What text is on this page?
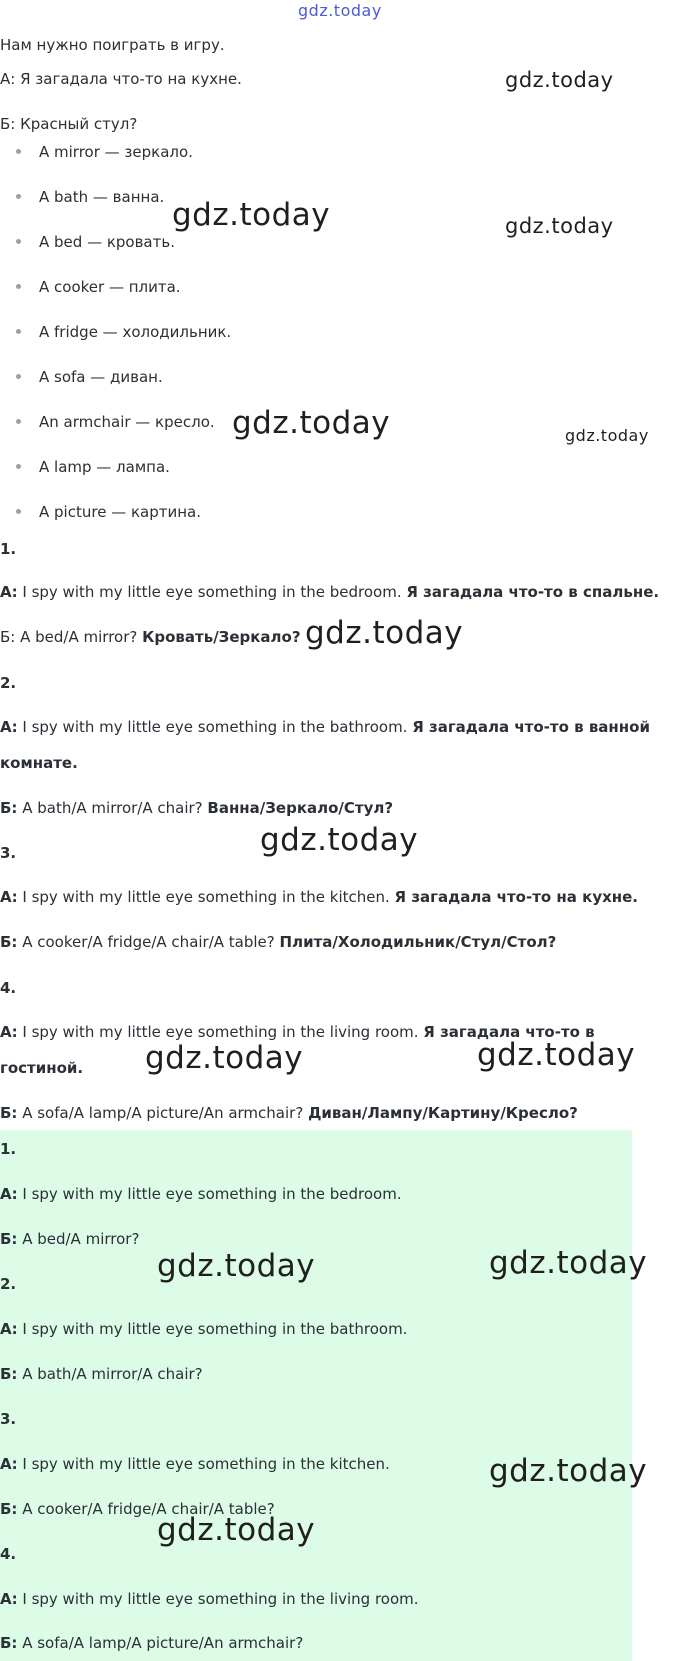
gdz.today
Нам нужно поиграть в игру.
А: Я загадала что-то на кухне.
Б: Красный стул?
A mirror — зеркало.
A bath — ванна.
A bed — кровать.
A cooker — плита.
A fridge — холодильник.
A sofa — диван.
An armchair — кресло.
A lamp — лампа.
A picture — картина.
1.
А: I spy with my little eye something in the bedroom. Я загадала что-то в спальне.
Б: A bed/A mirror? Кровать/Зеркало?
2.
А: I spy with my little eye something in the bathroom. Я загадала что-то в ванной
комнате.
Б: A bath/A mirror/A chair? Ванна/Зеркало/Стул?
3.
А: I spy with my little eye something in the kitchen. Я загадала что-то на кухне.
Б: A cooker/A fridge/A chair/A table? Плита/Холодильник/Стул/Стол?
4.
А: I spy with my little eye something in the living room. Я загадала что-то в
гостиной.
Б: A sofa/A lamp/A picture/An armchair? Диван/Лампу/Картину/Кресло?
1.
А: I spy with my little eye something in the bedroom.
Б: A bed/A mirror?
2.
А: I spy with my little eye something in the bathroom.
Б: A bath/A mirror/A chair?
3.
А: I spy with my little eye something in the kitchen.
Б: A cooker/A fridge/A chair/A table?
4.
А: I spy with my little eye something in the living room.
Б: A sofa/A lamp/A picture/An armchair?
gdz.today
gdz.today	gdz.today
gdz.today	gdz.today
gdz.today
gdz.today
gdz.today	gdz.today
gdz.today	gdz.today
gdz.today
gdz.today
